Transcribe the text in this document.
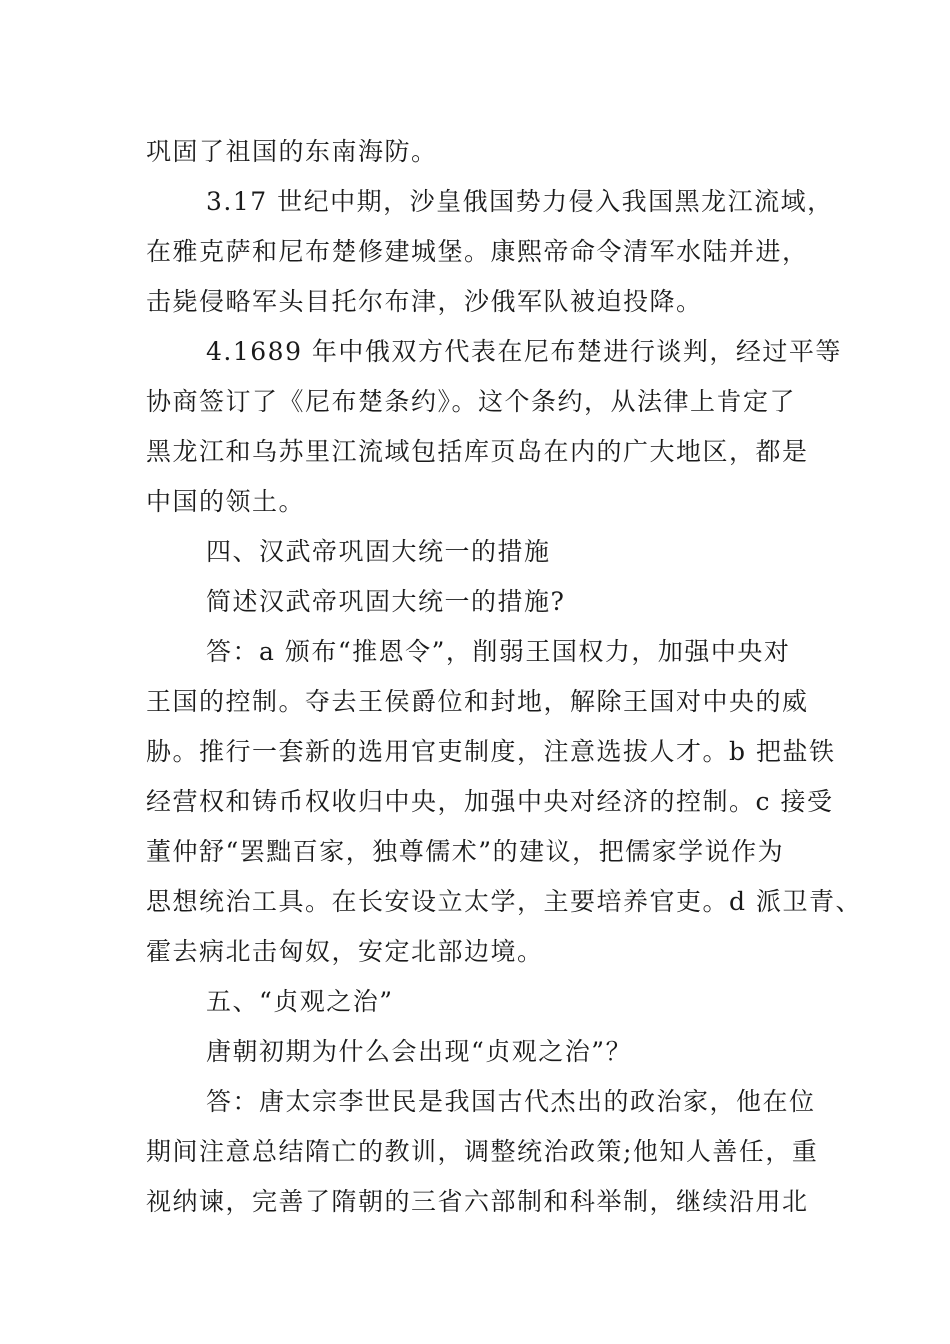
巩固了祖国的东南海防。
3.17 世纪中期，沙皇俄国势力侵入我国黑龙江流域，
在雅克萨和尼布楚修建城堡。康熙帝命令清军水陆并进，
击毙侵略军头目托尔布津，沙俄军队被迫投降。
4.1689 年中俄双方代表在尼布楚进行谈判，经过平等
协商签订了《尼布楚条约》。这个条约，从法律上肯定了
黑龙江和乌苏里江流域包括库页岛在内的广大地区，都是
中国的领土。
四、汉武帝巩固大统一的措施
简述汉武帝巩固大统一的措施?
答：a 颁布“推恩令”，削弱王国权力，加强中央对
王国的控制。夺去王侯爵位和封地，解除王国对中央的威
胁。推行一套新的选用官吏制度，注意选拔人才。b 把盐铁
经营权和铸币权收归中央，加强中央对经济的控制。c 接受
董仲舒“罢黜百家，独尊儒术”的建议，把儒家学说作为
思想统治工具。在长安设立太学，主要培养官吏。d 派卫青、
霍去病北击匈奴，安定北部边境。
五、“贞观之治”
唐朝初期为什么会出现“贞观之治”？
答：唐太宗李世民是我国古代杰出的政治家，他在位
期间注意总结隋亡的教训，调整统治政策;他知人善任，重
视纳谏，完善了隋朝的三省六部制和科举制，继续沿用北
